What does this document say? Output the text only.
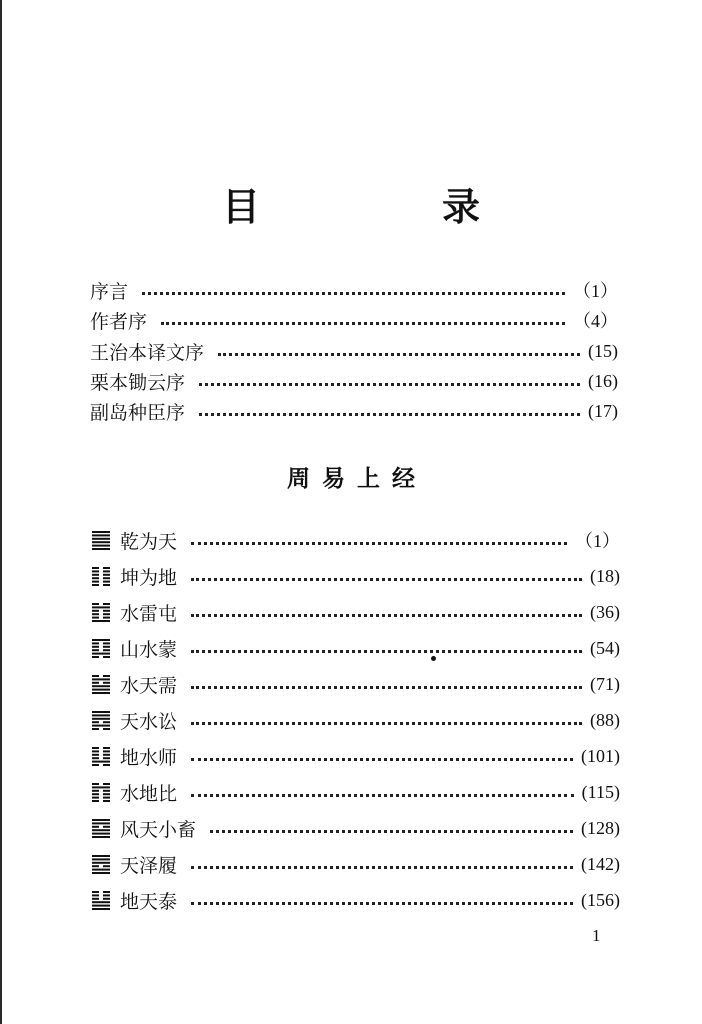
目　录
序言	（1）
作者序	（4）
王治本译文序	(15)
栗本锄云序	(16)
副岛种臣序	(17)
周易上经
乾为天	（1）
坤为地	(18)
水雷屯	(36)
山水蒙	(54)
水天需	(71)
天水讼	(88)
地水师	(101)
水地比	(115)
风天小畜	(128)
天泽履	(142)
地天泰	(156)
1
